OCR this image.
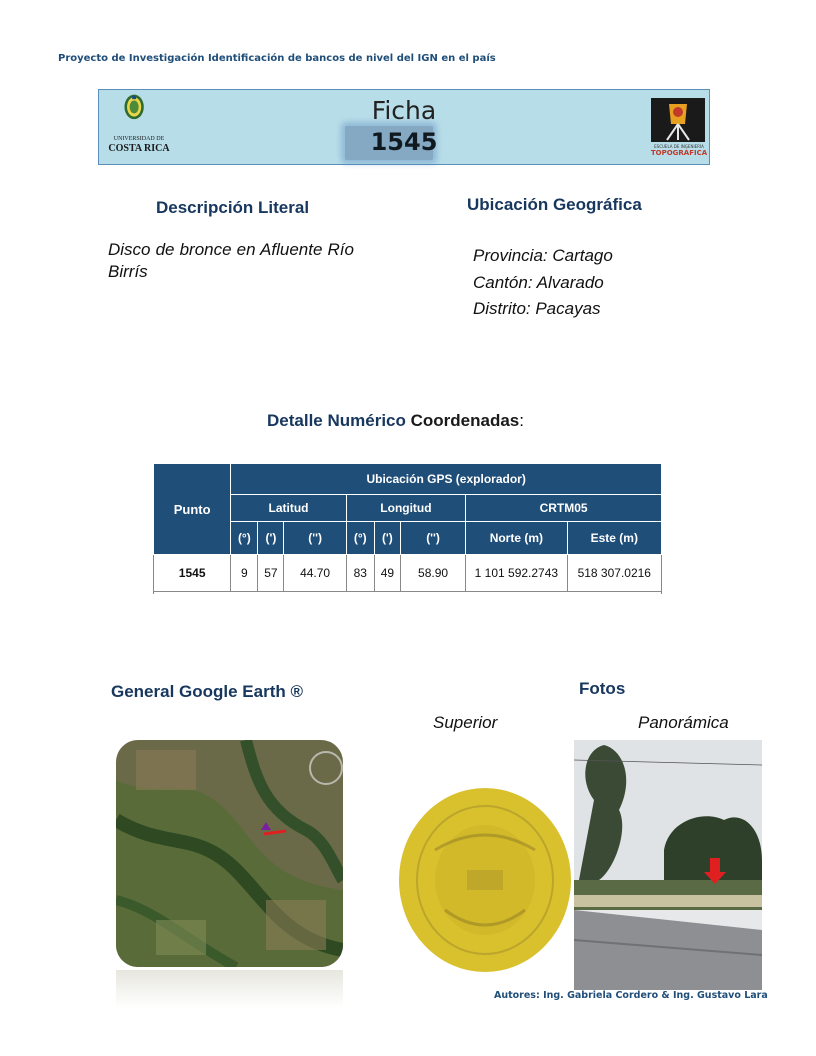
Proyecto de Investigación Identificación de bancos de nivel del IGN en el país
UNIVERSIDAD DE
COSTA RICA
Ficha
1545	ESCUELA DE INGENIERÍA
TOPOGRÁFICA
Descripción Literal
Disco de bronce en Afluente Río Birrís
Ubicación Geográfica
Provincia: Cartago
Cantón: Alvarado
Distrito: Pacayas
Detalle Numérico Coordenadas:
Punto	Ubicación GPS (explorador)							
	Latitud			Longitud			CRTM05	
	(°)	(')	('')	(°)	(')	('')	Norte (m)	Este (m)
1545	9	57	44.70	83	49	58.90	1 101 592.2743	518 307.0216
General Google Earth ®	Fotos
Superior	Panorámica
Autores: Ing. Gabriela Cordero & Ing. Gustavo Lara
